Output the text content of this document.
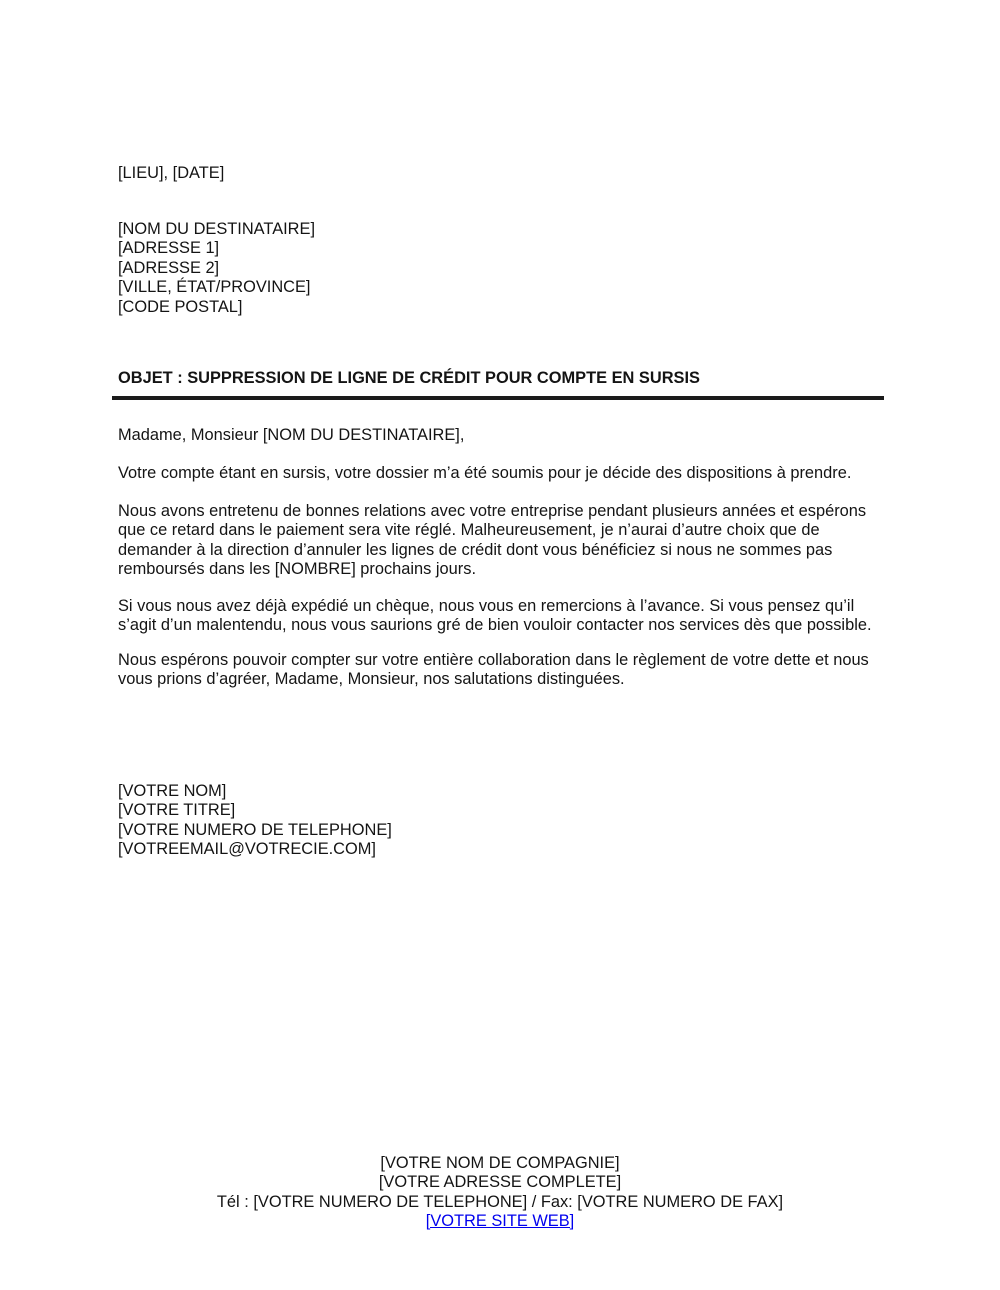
[LIEU], [DATE]
[NOM DU DESTINATAIRE]
[ADRESSE 1]
[ADRESSE 2]
[VILLE, ÉTAT/PROVINCE]
[CODE POSTAL]
OBJET : SUPPRESSION DE LIGNE DE CRÉDIT POUR COMPTE EN SURSIS
Madame, Monsieur [NOM DU DESTINATAIRE],

Votre compte étant en sursis, votre dossier m’a été soumis pour je décide des dispositions à prendre.

Nous avons entretenu de bonnes relations avec votre entreprise pendant plusieurs années et espérons que ce retard dans le paiement sera vite réglé. Malheureusement, je n’aurai d’autre choix que de demander à la direction d’annuler les lignes de crédit dont vous bénéficiez si nous ne sommes pas remboursés dans les [NOMBRE] prochains jours.

Si vous nous avez déjà expédié un chèque, nous vous en remercions à l’avance. Si vous pensez qu’il s’agit d’un malentendu, nous vous saurions gré de bien vouloir contacter nos services dès que possible.

Nous espérons pouvoir compter sur votre entière collaboration dans le règlement de votre dette et nous vous prions d’agréer, Madame, Monsieur, nos salutations distinguées.

[VOTRE NOM]
[VOTRE TITRE]
[VOTRE NUMERO DE TELEPHONE]
[VOTREEMAIL@VOTRECIE.COM]
[VOTRE NOM DE COMPAGNIE]
[VOTRE ADRESSE COMPLETE]
Tél : [VOTRE NUMERO DE TELEPHONE] / Fax: [VOTRE NUMERO DE FAX]
[VOTRE SITE WEB]
